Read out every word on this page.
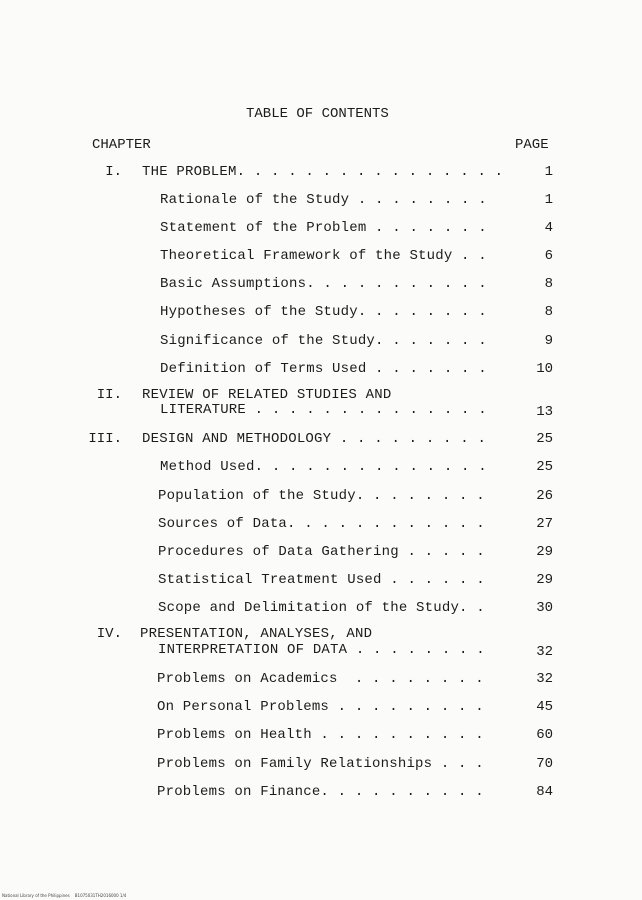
TABLE OF CONTENTS
CHAPTER	PAGE
I. THE PROBLEM. . . . . . . . . . . . . . . .	1
Rationale of the Study . . . . . . . .	1
Statement of the Problem . . . . . . .	4
Theoretical Framework of the Study . .	6
Basic Assumptions. . . . . . . . . . .	8
Hypotheses of the Study. . . . . . . .	8
Significance of the Study. . . . . . .	9
Definition of Terms Used . . . . . . .	10
II. REVIEW OF RELATED STUDIES AND
LITERATURE . . . . . . . . . . . . . .	13
III. DESIGN AND METHODOLOGY . . . . . . . . .	25
Method Used. . . . . . . . . . . . . .	25
Population of the Study. . . . . . . .	26
Sources of Data. . . . . . . . . . . .	27
Procedures of Data Gathering . . . . .	29
Statistical Treatment Used . . . . . .	29
Scope and Delimitation of the Study. .	30
IV. PRESENTATION, ANALYSES, AND
INTERPRETATION OF DATA . . . . . . . .	32
Problems on Academics  . . . . . . . .	32
On Personal Problems . . . . . . . . .	45
Problems on Health . . . . . . . . . .	60
Problems on Family Relationships . . .	70
Problems on Finance. . . . . . . . . .	84
National Library of the Philippines    B1075031TH2016000 1/4
